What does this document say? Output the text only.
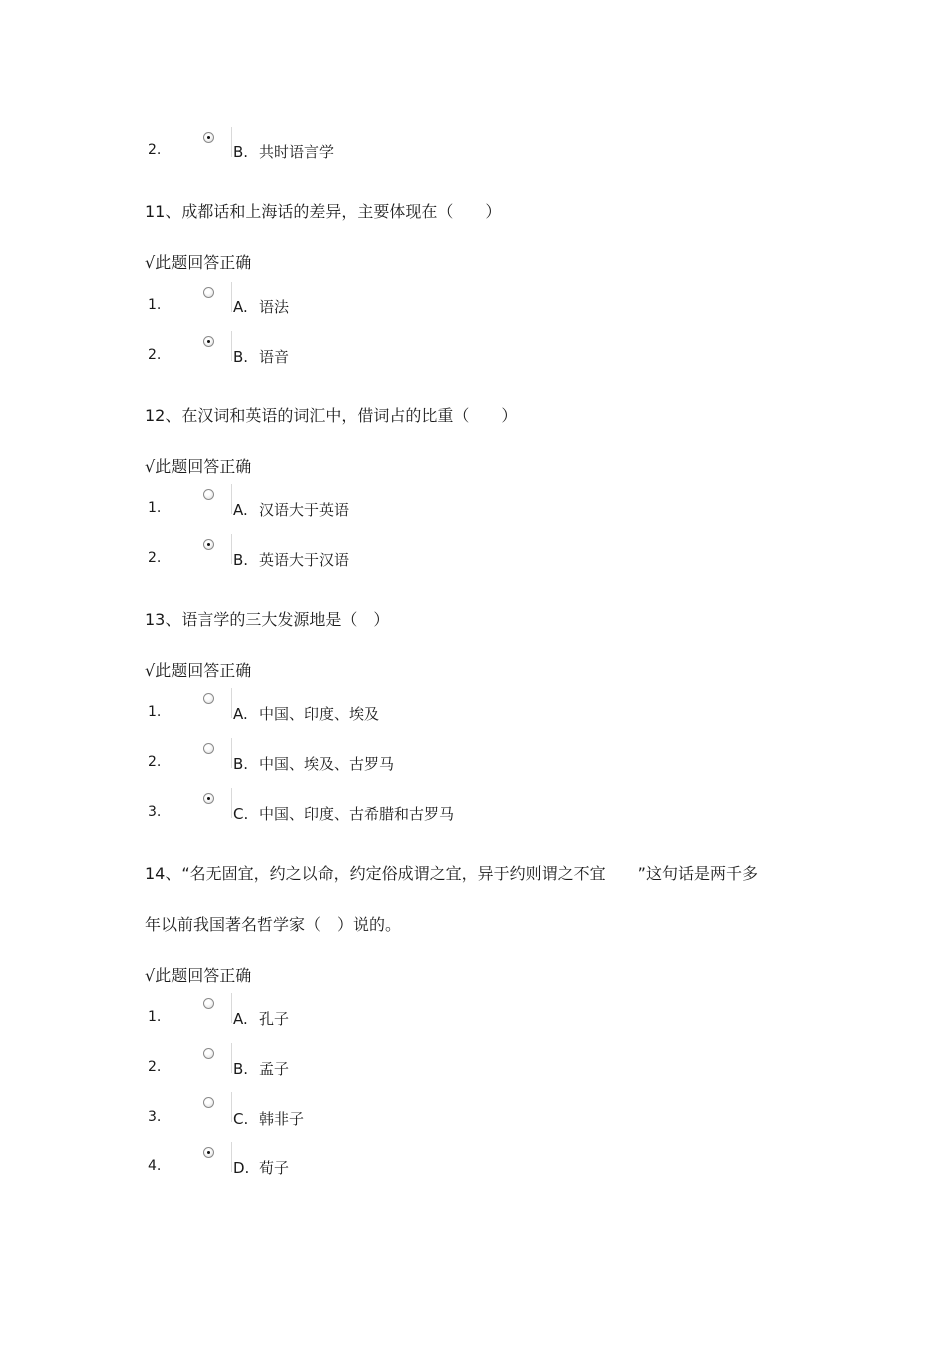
2.	B. 共时语言学
11、成都话和上海话的差异，主要体现在（　　）
√此题回答正确
1.	A. 语法
2.	B. 语音
12、在汉词和英语的词汇中，借词占的比重（　　）
√此题回答正确
1.	A. 汉语大于英语
2.	B. 英语大于汉语
13、语言学的三大发源地是（　）
√此题回答正确
1.	A. 中国、印度、埃及
2.	B. 中国、埃及、古罗马
3.	C. 中国、印度、古希腊和古罗马
14、“名无固宜，约之以命，约定俗成谓之宜，异于约则谓之不宜　　”这句话是两千多
年以前我国著名哲学家（　）说的。
√此题回答正确
1.	A. 孔子
2.	B. 孟子
3.	C. 韩非子
4.	D. 荀子
